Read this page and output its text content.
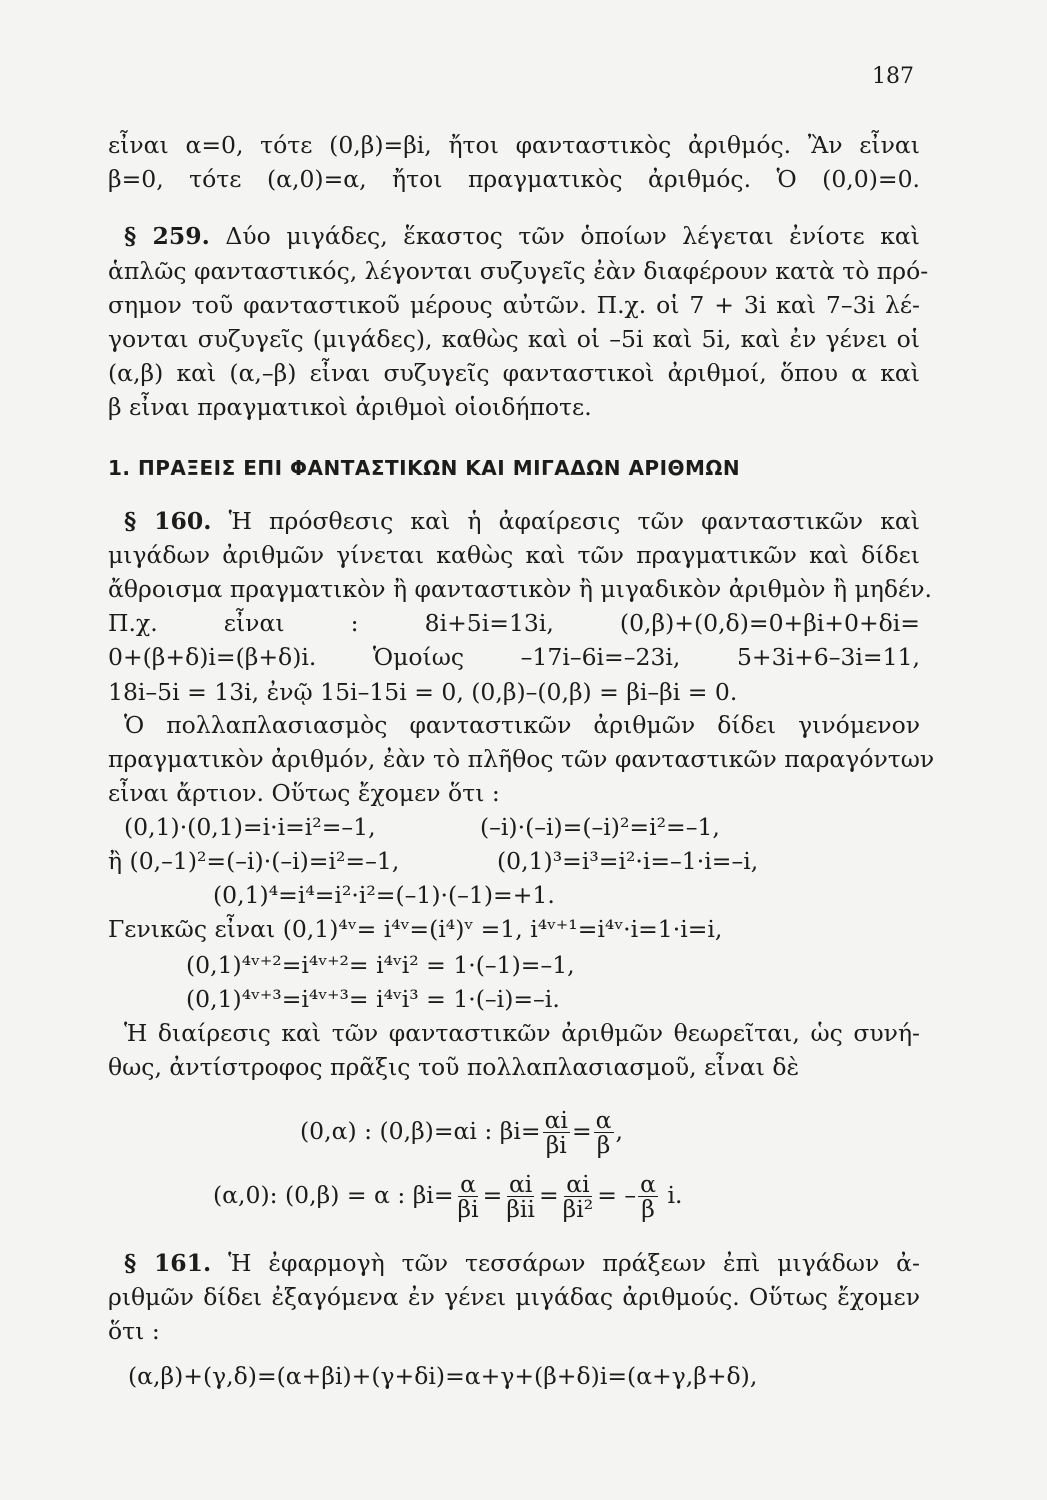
187
εἶναι α=0, τότε (0,β)=βi, ἤτοι φανταστικὸς ἀριθμός. Ἂν εἶναι
β=0, τότε (α,0)=α, ἤτοι πραγματικὸς ἀριθμός. Ὁ (0,0)=0.
§ 259. Δύο μιγάδες, ἕκαστος τῶν ὁποίων λέγεται ἐνίοτε καὶ
ἁπλῶς φανταστικός, λέγονται συζυγεῖς ἐὰν διαφέρουν κατὰ τὸ πρό-
σημον τοῦ φανταστικοῦ μέρους αὐτῶν. Π.χ. οἱ 7 + 3i καὶ 7–3i λέ-
γονται συζυγεῖς (μιγάδες), καθὼς καὶ οἱ –5i καὶ 5i, καὶ ἐν γένει οἱ
(α,β) καὶ (α,–β) εἶναι συζυγεῖς φανταστικοὶ ἀριθμοί, ὅπου α καὶ
β εἶναι πραγματικοὶ ἀριθμοὶ οἱοιδήποτε.
1. ΠΡΑΞΕΙΣ ΕΠΙ ΦΑΝΤΑΣΤΙΚΩΝ ΚΑΙ ΜΙΓΑΔΩΝ ΑΡΙΘΜΩΝ
§ 160. Ἡ πρόσθεσις καὶ ἡ ἀφαίρεσις τῶν φανταστικῶν καὶ
μιγάδων ἀριθμῶν γίνεται καθὼς καὶ τῶν πραγματικῶν καὶ δίδει
ἄθροισμα πραγματικὸν ἢ φανταστικὸν ἢ μιγαδικὸν ἀριθμὸν ἢ μηδέν.
Π.χ. εἶναι : 8i+5i=13i, (0,β)+(0,δ)=0+βi+0+δi=
0+(β+δ)i=(β+δ)i. Ὁμοίως –17i–6i=–23i, 5+3i+6–3i=11,
18i–5i = 13i, ἐνῷ 15i–15i = 0, (0,β)–(0,β) = βi–βi = 0.
Ὁ πολλαπλασιασμὸς φανταστικῶν ἀριθμῶν δίδει γινόμενον
πραγματικὸν ἀριθμόν, ἐὰν τὸ πλῆθος τῶν φανταστικῶν παραγόντων
εἶναι ἄρτιον. Οὕτως ἔχομεν ὅτι :
(0,1)·(0,1)=i·i=i²=–1,	(–i)·(–i)=(–i)²=i²=–1,
ἢ (0,–1)²=(–i)·(–i)=i²=–1,	(0,1)³=i³=i²·i=–1·i=–i,
(0,1)⁴=i⁴=i²·i²=(–1)·(–1)=+1.
Γενικῶς εἶναι (0,1)⁴ᵛ= i⁴ᵛ=(i⁴)ᵛ =1, i⁴ᵛ⁺¹=i⁴ᵛ·i=1·i=i,
(0,1)⁴ᵛ⁺²=i⁴ᵛ⁺²= i⁴ᵛi² = 1·(–1)=–1,
(0,1)⁴ᵛ⁺³=i⁴ᵛ⁺³= i⁴ᵛi³ = 1·(–i)=–i.
Ἡ διαίρεσις καὶ τῶν φανταστικῶν ἀριθμῶν θεωρεῖται, ὡς συνή-
θως, ἀντίστροφος πρᾶξις τοῦ πολλαπλασιασμοῦ, εἶναι δὲ
(0,α) : (0,β)=αi : $\beta i= \frac{\alpha i}{\beta i} = \frac{\alpha}{\beta}$ ,
(α,0): (0,β) = α : $\beta i= \frac{\alpha}{\beta i} = \frac{\alpha i}{\text{βii}} = \frac{\alpha i}{\text{βi²}}$ = – $\frac{\alpha}{\beta} i$.
§ 161. Ἡ ἐφαρμογὴ τῶν τεσσάρων πράξεων ἐπὶ μιγάδων ἀ-
ριθμῶν δίδει ἐξαγόμενα ἐν γένει μιγάδας ἀριθμούς. Οὕτως ἔχομεν
ὅτι :
(α,β)+(γ,δ)=(α+βi)+(γ+δi)=α+γ+(β+δ)i=(α+γ,β+δ),
